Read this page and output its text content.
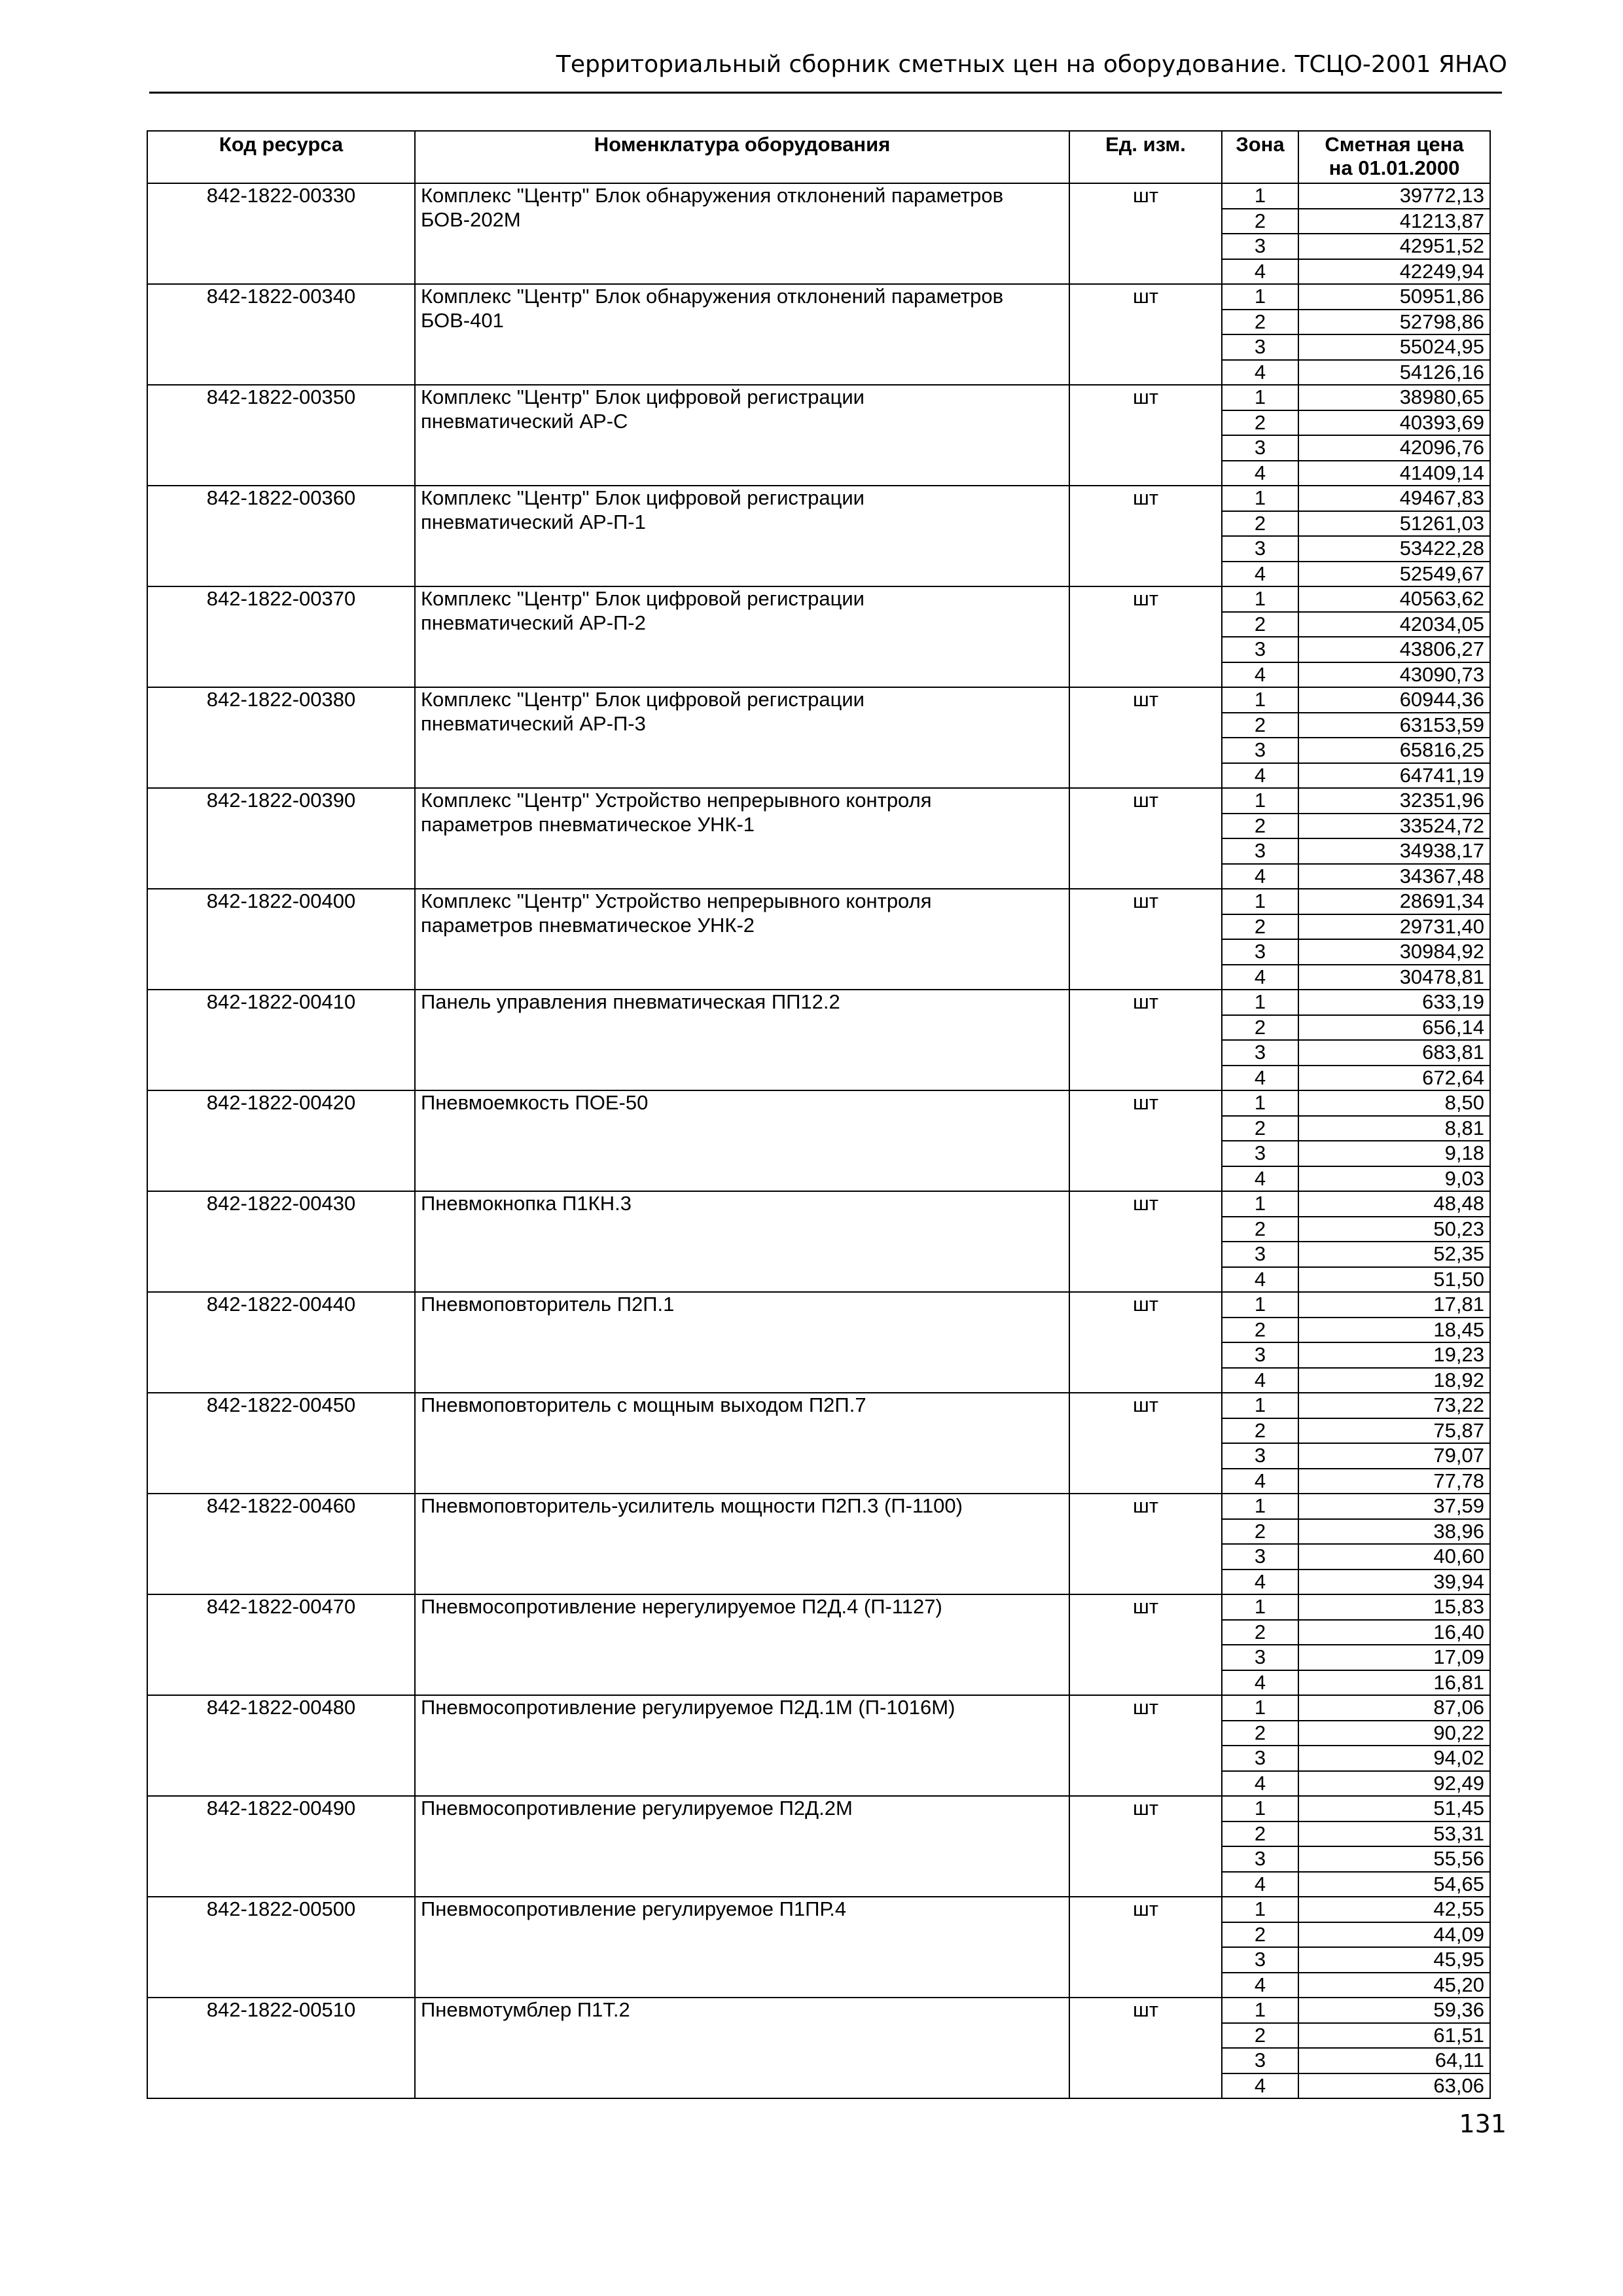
Территориальный сборник сметных цен на оборудование. ТСЦО-2001 ЯНАО
Код ресурса	Номенклатура оборудования	Ед. изм.	Зона	Сметная цена
на 01.01.2000

842-1822-00330	Комплекс "Центр" Блок обнаружения отклонений параметров
БОВ-202М	шт	1	39772,13
			2	41213,87
			3	42951,52
			4	42249,94
842-1822-00340	Комплекс "Центр" Блок обнаружения отклонений параметров
БОВ-401	шт	1	50951,86
			2	52798,86
			3	55024,95
			4	54126,16
842-1822-00350	Комплекс "Центр" Блок цифровой регистрации
пневматический АР-С	шт	1	38980,65
			2	40393,69
			3	42096,76
			4	41409,14
842-1822-00360	Комплекс "Центр" Блок цифровой регистрации
пневматический АР-П-1	шт	1	49467,83
			2	51261,03
			3	53422,28
			4	52549,67
842-1822-00370	Комплекс "Центр" Блок цифровой регистрации
пневматический АР-П-2	шт	1	40563,62
			2	42034,05
			3	43806,27
			4	43090,73
842-1822-00380	Комплекс "Центр" Блок цифровой регистрации
пневматический АР-П-3	шт	1	60944,36
			2	63153,59
			3	65816,25
			4	64741,19
842-1822-00390	Комплекс "Центр" Устройство непрерывного контроля
параметров пневматическое УНК-1	шт	1	32351,96
			2	33524,72
			3	34938,17
			4	34367,48
842-1822-00400	Комплекс "Центр" Устройство непрерывного контроля
параметров пневматическое УНК-2	шт	1	28691,34
			2	29731,40
			3	30984,92
			4	30478,81
842-1822-00410	Панель управления пневматическая ПП12.2	шт	1	633,19
			2	656,14
			3	683,81
			4	672,64
842-1822-00420	Пневмоемкость ПОЕ-50	шт	1	8,50
			2	8,81
			3	9,18
			4	9,03
842-1822-00430	Пневмокнопка П1КН.3	шт	1	48,48
			2	50,23
			3	52,35
			4	51,50
842-1822-00440	Пневмоповторитель П2П.1	шт	1	17,81
			2	18,45
			3	19,23
			4	18,92
842-1822-00450	Пневмоповторитель с мощным выходом П2П.7	шт	1	73,22
			2	75,87
			3	79,07
			4	77,78
842-1822-00460	Пневмоповторитель-усилитель мощности П2П.3 (П-1100)	шт	1	37,59
			2	38,96
			3	40,60
			4	39,94
842-1822-00470	Пневмосопротивление нерегулируемое П2Д.4 (П-1127)	шт	1	15,83
			2	16,40
			3	17,09
			4	16,81
842-1822-00480	Пневмосопротивление регулируемое П2Д.1М (П-1016М)	шт	1	87,06
			2	90,22
			3	94,02
			4	92,49
842-1822-00490	Пневмосопротивление регулируемое П2Д.2М	шт	1	51,45
			2	53,31
			3	55,56
			4	54,65
842-1822-00500	Пневмосопротивление регулируемое П1ПР.4	шт	1	42,55
			2	44,09
			3	45,95
			4	45,20
842-1822-00510	Пневмотумблер П1Т.2	шт	1	59,36
			2	61,51
			3	64,11
			4	63,06
131
